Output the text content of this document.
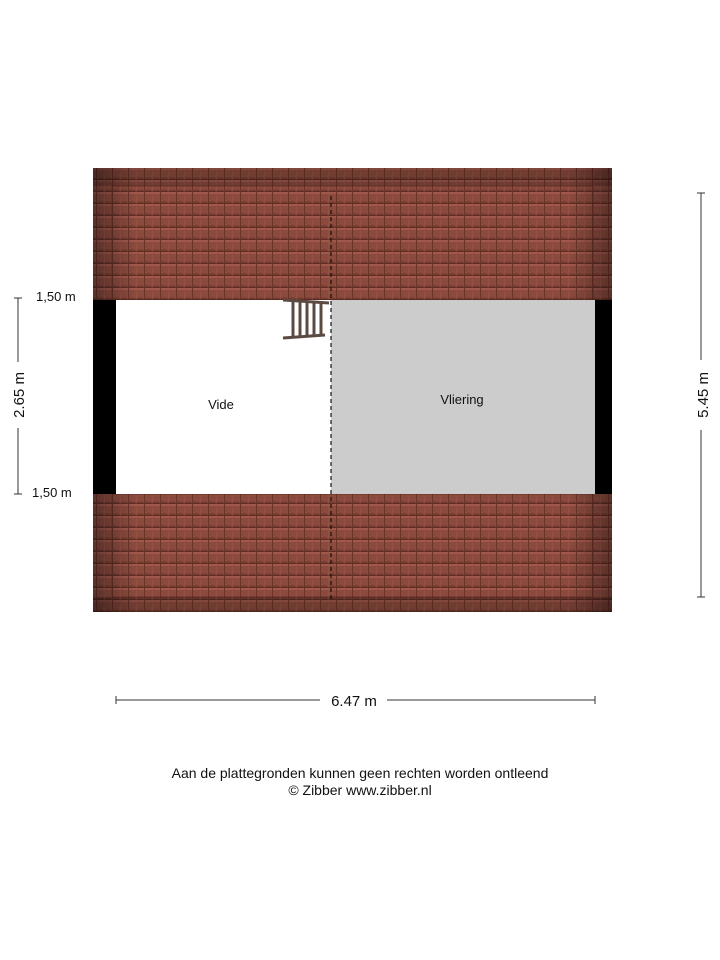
Vide	Vliering
2.65 m
1,50 m
1,50 m
5.45 m
6.47 m
Aan de plattegronden kunnen geen rechten worden ontleend
© Zibber www.zibber.nl
